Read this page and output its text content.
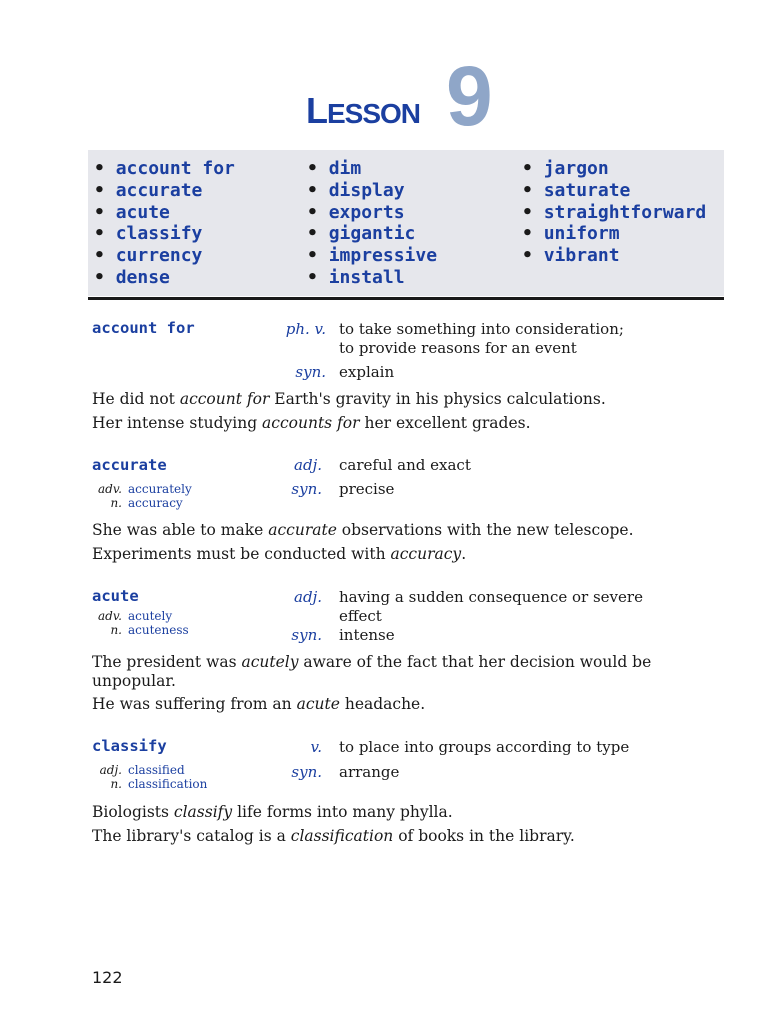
LESSON 9
• account for
• accurate
• acute
• classify
• currency
• dense
• dim
• display
• exports
• gigantic
• impressive
• install
• jargon
• saturate
• straightforward
• uniform
• vibrant
account for	ph. v. to take something into consideration;
to provide reasons for an event
syn. explain
He did not account for Earth's gravity in his physics calculations.
Her intense studying accounts for her excellent grades.
accurate	adj. careful and exact
adv. accurately
n. accuracy
syn. precise
She was able to make accurate observations with the new telescope.
Experiments must be conducted with accuracy.
acute	adj. having a sudden consequence or severe
effect
adv. acutely
n. acuteness	syn. intense
The president was acutely aware of the fact that her decision would be unpopular.
He was suffering from an acute headache.
classify	v. to place into groups according to type
adj. classified
n. classification
syn. arrange
Biologists classify life forms into many phylla.
The library's catalog is a classification of books in the library.
122
